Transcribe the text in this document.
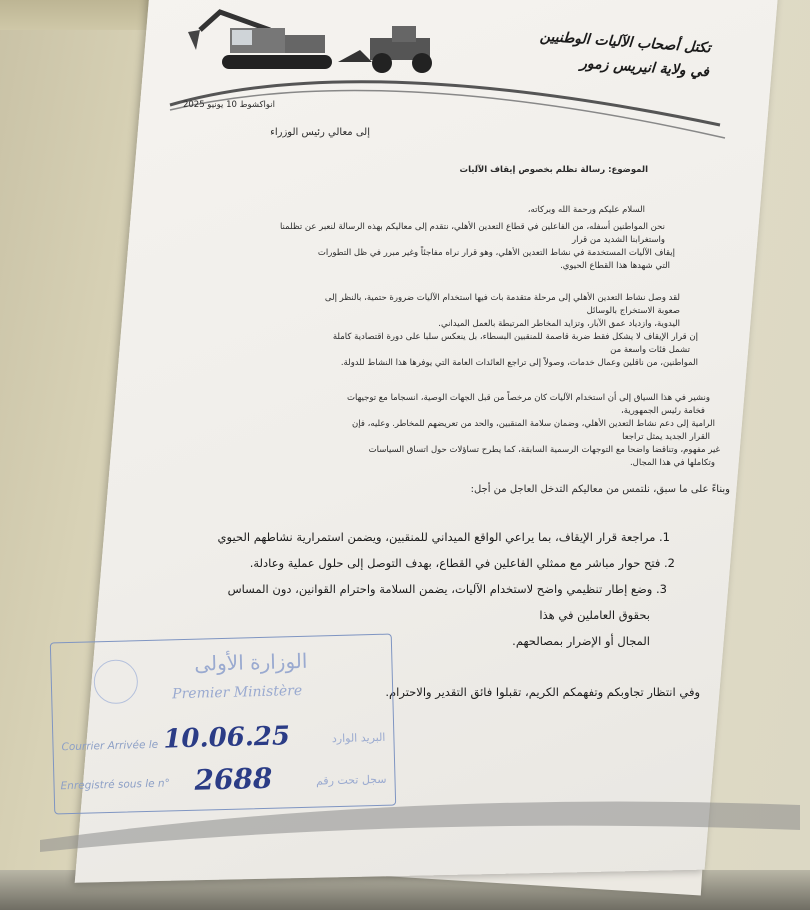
تكتل أصحاب الآليات الوطنيين
في ولاية انيريس زمور
انواكشوط 10 يونيو 2025
إلى معالي رئيس الوزراء
الموضوع: رسالة تظلم بخصوص إيقاف الآليات
السلام عليكم ورحمة الله وبركاته،
نحن المواطنين أسفله، من الفاعلين في قطاع التعدين الأهلي، نتقدم إلى معاليكم بهذه الرسالة لنعبر عن تظلمنا
واستغرابنا الشديد من قرار
إيقاف الآليات المستخدمة في نشاط التعدين الأهلي، وهو قرار نراه مفاجئاً وغير مبرر في ظل التطورات
التي شهدها هذا القطاع الحيوي.
لقد وصل نشاط التعدين الأهلي إلى مرحلة متقدمة بات فيها استخدام الآليات ضرورة حتمية، بالنظر إلى
صعوبة الاستخراج بالوسائل
اليدوية، وازدياد عمق الآبار، وتزايد المخاطر المرتبطة بالعمل الميداني.
إن قرار الإيقاف لا يشكل فقط ضربة قاصمة للمنقبين البسطاء، بل ينعكس سلبا على دورة اقتصادية كاملة
تشمل فئات واسعة من
المواطنين، من ناقلين وعمال خدمات، وصولاً إلى تراجع العائدات العامة التي يوفرها هذا النشاط للدولة.
ونشير في هذا السياق إلى أن استخدام الآليات كان مرخصاً من قبل الجهات الوصية، انسجاما مع توجيهات
فخامة رئيس الجمهورية،
الرامية إلى دعم نشاط التعدين الأهلي، وضمان سلامة المنقبين، والحد من تعريضهم للمخاطر. وعليه، فإن
القرار الجديد يمثل تراجعا
غير مفهوم، وتناقضا واضحا مع التوجهات الرسمية السابقة، كما يطرح تساؤلات حول اتساق السياسات
وتكاملها في هذا المجال.
وبناءً على ما سبق، نلتمس من معاليكم التدخل العاجل من أجل:
1. مراجعة قرار الإيقاف، بما يراعي الواقع الميداني للمنقبين، ويضمن استمرارية نشاطهم الحيوي
2. فتح حوار مباشر مع ممثلي الفاعلين في القطاع، بهدف التوصل إلى حلول عملية وعادلة.
3. وضع إطار تنظيمي واضح لاستخدام الآليات، يضمن السلامة واحترام القوانين، دون المساس
بحقوق العاملين في هذا
المجال أو الإضرار بمصالحهم.
وفي انتظار تجاوبكم وتفهمكم الكريم، تقبلوا فائق التقدير والاحترام.
الوزارة الأولى
Premier Ministère
Courrier Arrivée le
البريد الوارد
10.06.25
Enregistré sous le n°	سجل تحت رقم
2688
